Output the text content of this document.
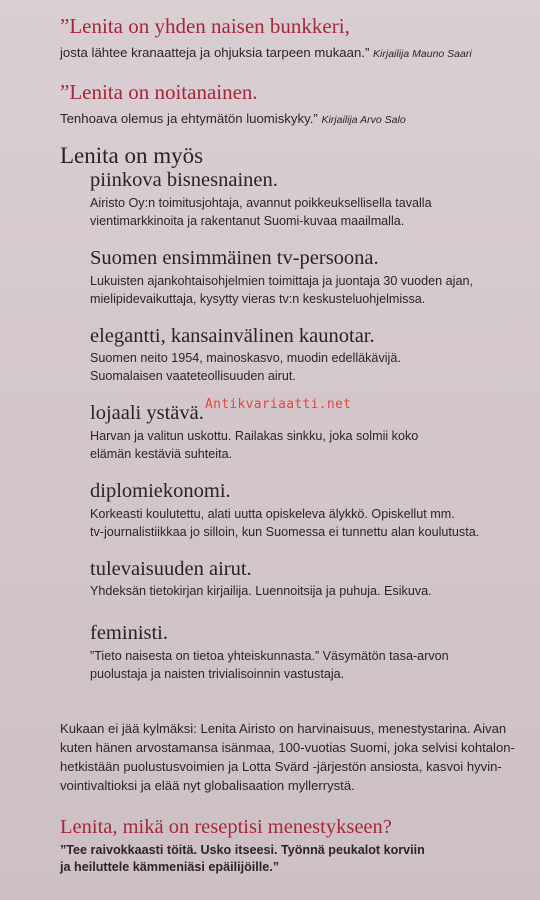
”Lenita on yhden naisen bunkkeri,
josta lähtee kranaatteja ja ohjuksia tarpeen mukaan.” Kirjailija Mauno Saari
”Lenita on noitanainen.
Tenhoava olemus ja ehtymätön luomiskyky.” Kirjailija Arvo Salo
Lenita on myös
piinkova bisnesnainen.
Airisto Oy:n toimitusjohtaja, avannut poikkeuksellisella tavalla
vientimarkkinoita ja rakentanut Suomi-kuvaa maailmalla.
Suomen ensimmäinen tv-persoona.
Lukuisten ajankohtaisohjelmien toimittaja ja juontaja 30 vuoden ajan,
mielipidevaikuttaja, kysytty vieras tv:n keskusteluohjelmissa.
elegantti, kansainvälinen kaunotar.
Suomen neito 1954, mainoskasvo, muodin edelläkävijä.
Suomalaisen vaateteollisuuden airut.
lojaali ystävä.
Harvan ja valitun uskottu. Railakas sinkku, joka solmii koko
elämän kestäviä suhteita.
diplomiekonomi.
Korkeasti koulutettu, alati uutta opiskeleva älykkö. Opiskellut mm.
tv-journalistiikkaa jo silloin, kun Suomessa ei tunnettu alan koulutusta.
tulevaisuuden airut.
Yhdeksän tietokirjan kirjailija. Luennoitsija ja puhuja. Esikuva.
feministi.
”Tieto naisesta on tietoa yhteiskunnasta.” Väsymätön tasa-arvon
puolustaja ja naisten trivialisoinnin vastustaja.
Antikvariaatti.net
Kukaan ei jää kylmäksi: Lenita Airisto on harvinaisuus, menestystarina. Aivan
kuten hänen arvostamansa isänmaa, 100-vuotias Suomi, joka selvisi kohtalon-
hetkistään puolustusvoimien ja Lotta Svärd -järjestön ansiosta, kasvoi hyvin-
vointivaltioksi ja elää nyt globalisaation myllerrystä.
Lenita, mikä on reseptisi menestykseen?
”Tee raivokkaasti töitä. Usko itseesi. Työnnä peukalot korviin
ja heiluttele kämmeniäsi epäilijöille.”
